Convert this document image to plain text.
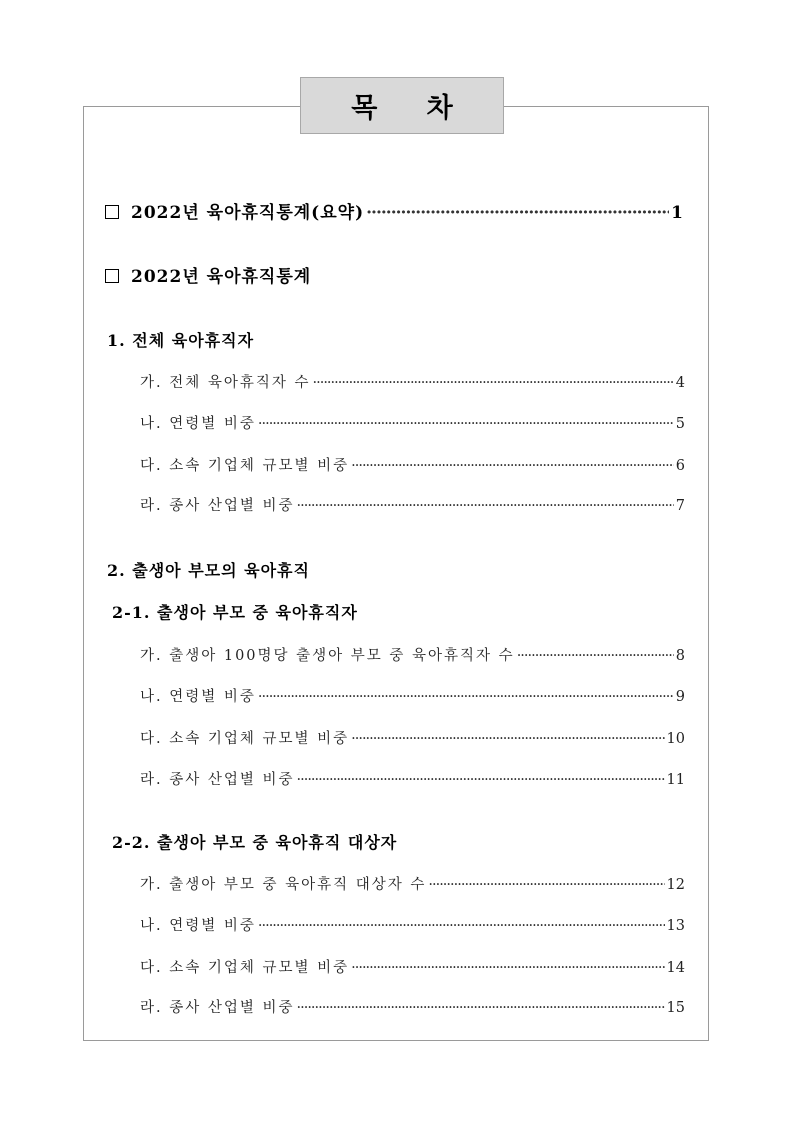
목 차
2022년 육아휴직통계(요약) ·····	1
2022년 육아휴직통계
1. 전체 육아휴직자
가. 전체 육아휴직자 수 ·····	4
나. 연령별 비중 ·····	5
다. 소속 기업체 규모별 비중 ·····	6
라. 종사 산업별 비중 ·····	7
2. 출생아 부모의 육아휴직
2-1. 출생아 부모 중 육아휴직자
가. 출생아 100명당 출생아 부모 중 육아휴직자 수 ·····	8
나. 연령별 비중 ·····	9
다. 소속 기업체 규모별 비중 ·····	10
라. 종사 산업별 비중 ·····	11
2-2. 출생아 부모 중 육아휴직 대상자
가. 출생아 부모 중 육아휴직 대상자 수 ·····	12
나. 연령별 비중 ·····	13
다. 소속 기업체 규모별 비중 ·····	14
라. 종사 산업별 비중 ·····	15
